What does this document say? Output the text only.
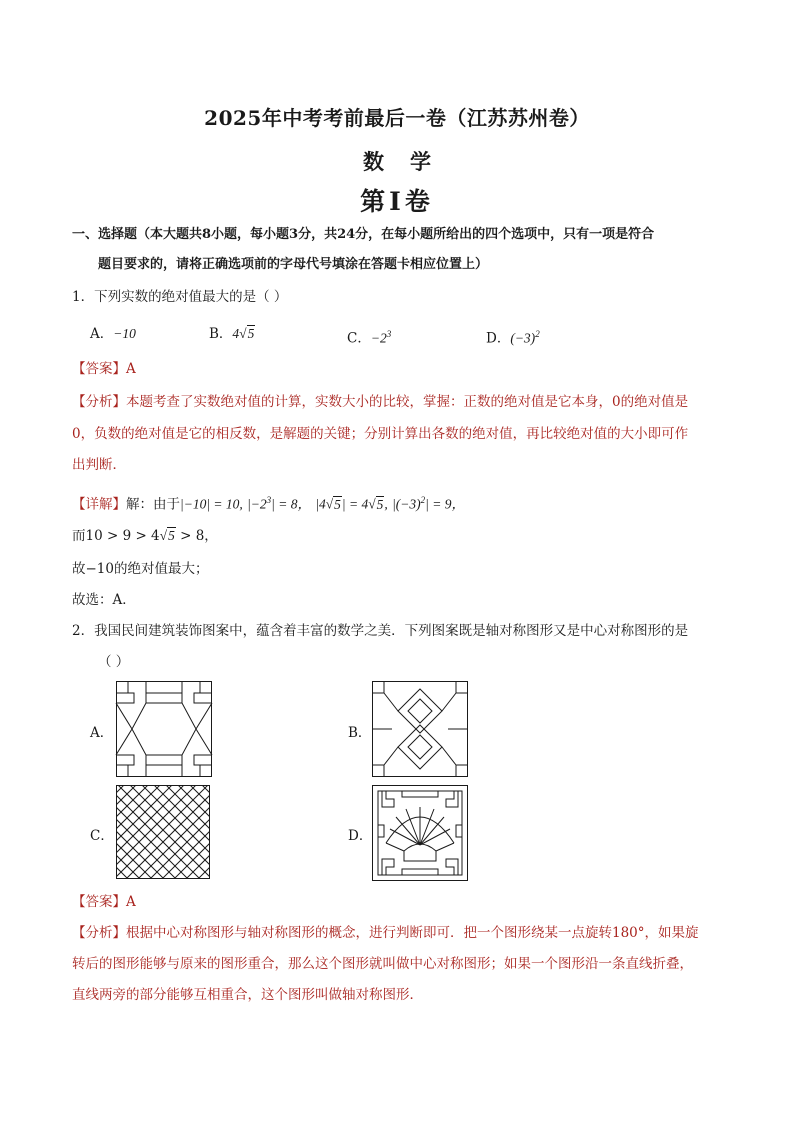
2025年中考考前最后一卷（江苏苏州卷）
数学
第I卷
一、选择题（本大题共8小题，每小题3分，共24分，在每小题所给出的四个选项中，只有一项是符合
题目要求的，请将正确选项前的字母代号填涂在答题卡相应位置上）
1．下列实数的绝对值最大的是（ ）
A．−10	B．4√5	C．$-2^3$	D．$(-3)^2$
【答案】A
【分析】本题考查了实数绝对值的计算，实数大小的比较，掌握：正数的绝对值是它本身，0的绝对值是
0，负数的绝对值是它的相反数，是解题的关键；分别计算出各数的绝对值，再比较绝对值的大小即可作
出判断．
【详解】解：由于|−10| = 10, $|-2^3| = 8$， |4√5| = 4√5, $|(-3)^2| = 9$，
而10 > 9 > 4√5 > 8，
故−10的绝对值最大；
故选：A．
2．我国民间建筑装饰图案中，蕴含着丰富的数学之美．下列图案既是轴对称图形又是中心对称图形的是
（ ）
A．	B．
C．	D．
【答案】A
【分析】根据中心对称图形与轴对称图形的概念，进行判断即可．把一个图形绕某一点旋转180°，如果旋
转后的图形能够与原来的图形重合，那么这个图形就叫做中心对称图形；如果一个图形沿一条直线折叠，
直线两旁的部分能够互相重合，这个图形叫做轴对称图形．
